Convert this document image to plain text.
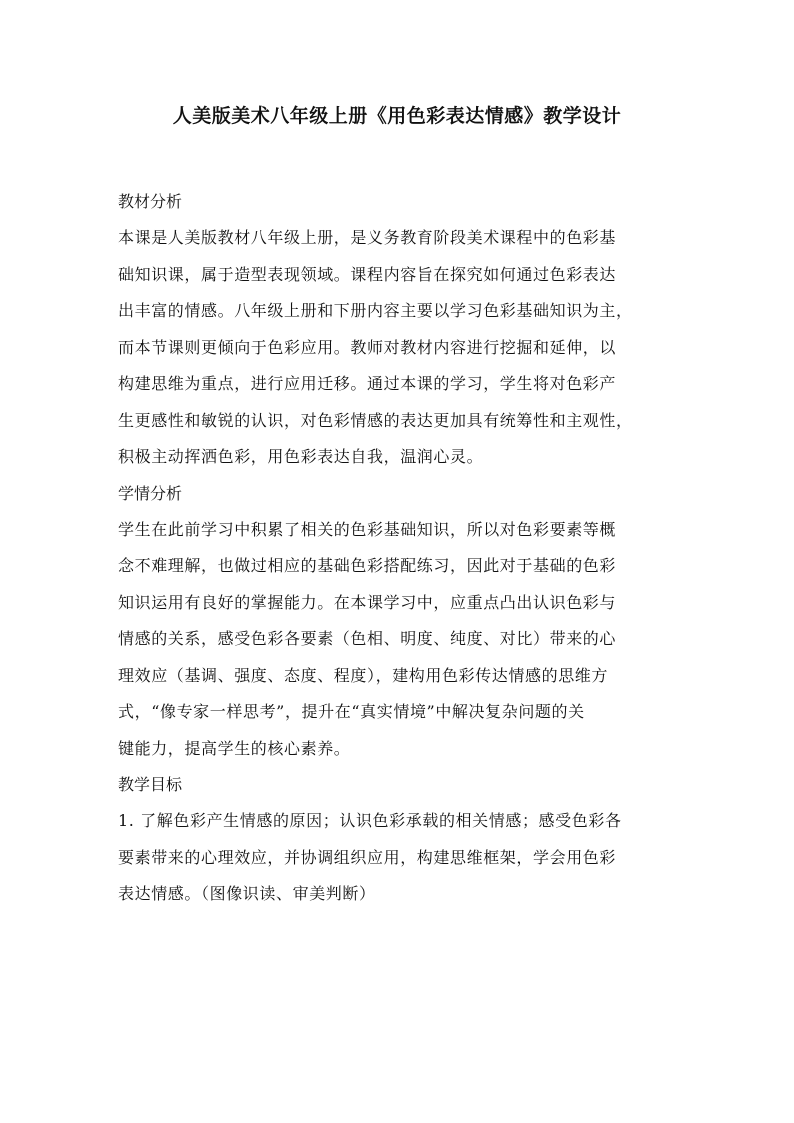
人美版美术八年级上册《用色彩表达情感》教学设计
教材分析

本课是人美版教材八年级上册，是义务教育阶段美术课程中的色彩基
础知识课，属于造型表现领域。课程内容旨在探究如何通过色彩表达
出丰富的情感。八年级上册和下册内容主要以学习色彩基础知识为主，
而本节课则更倾向于色彩应用。教师对教材内容进行挖掘和延伸，以
构建思维为重点，进行应用迁移。通过本课的学习，学生将对色彩产
生更感性和敏锐的认识，对色彩情感的表达更加具有统筹性和主观性，
积极主动挥洒色彩，用色彩表达自我，温润心灵。

学情分析

学生在此前学习中积累了相关的色彩基础知识，所以对色彩要素等概
念不难理解，也做过相应的基础色彩搭配练习，因此对于基础的色彩
知识运用有良好的掌握能力。在本课学习中，应重点凸出认识色彩与
情感的关系，感受色彩各要素（色相、明度、纯度、对比）带来的心
理效应（基调、强度、态度、程度），建构用色彩传达情感的思维方
式，“像专家一样思考”，提升在“真实情境”中解决复杂问题的关
键能力，提高学生的核心素养。

教学目标

1. 了解色彩产生情感的原因；认识色彩承载的相关情感；感受色彩各
要素带来的心理效应，并协调组织应用，构建思维框架，学会用色彩
表达情感。（图像识读、审美判断）
